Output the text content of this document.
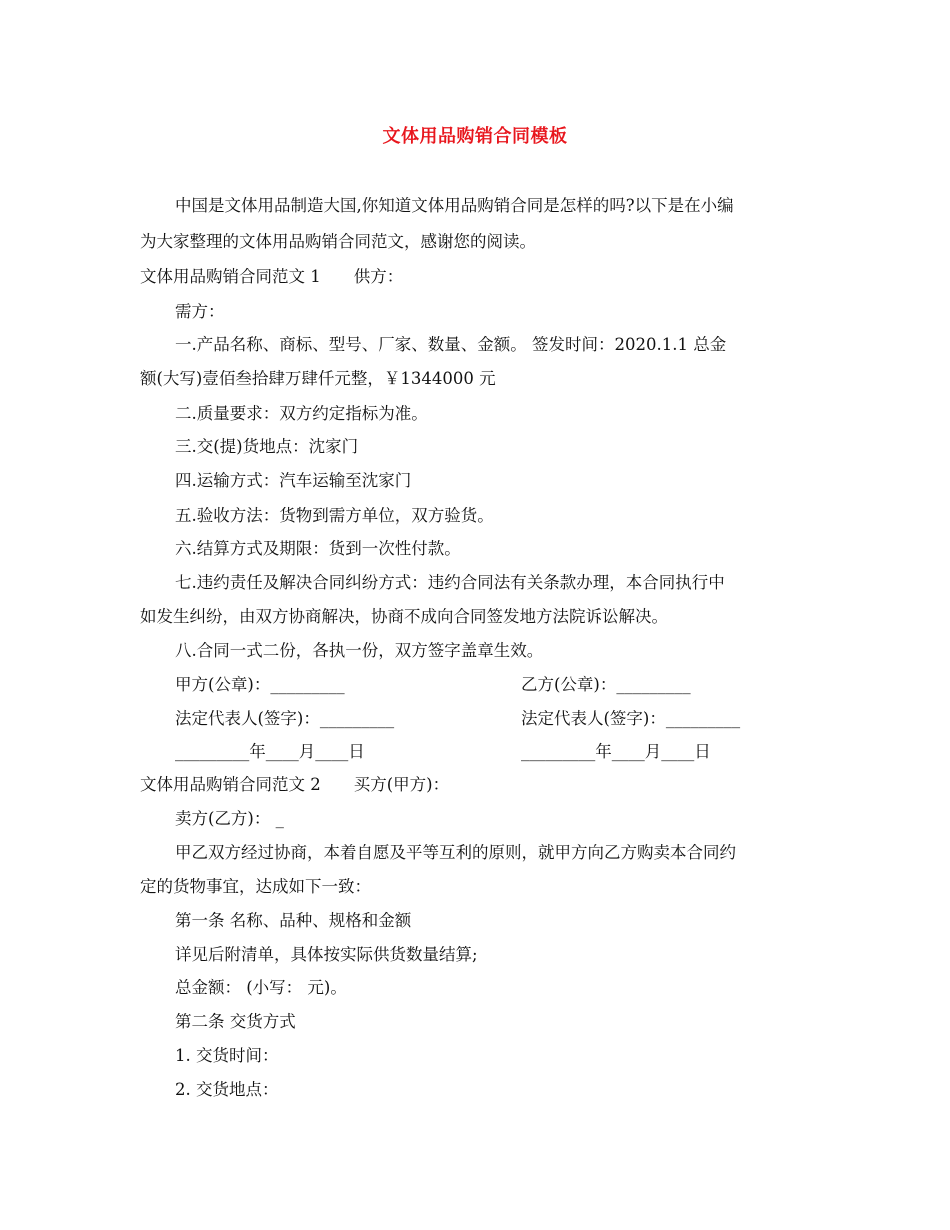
文体用品购销合同模板
中国是文体用品制造大国,你知道文体用品购销合同是怎样的吗?以下是在小编
为大家整理的文体用品购销合同范文，感谢您的阅读。
文体用品购销合同范文 1　　供方：
需方：
一.产品名称、商标、型号、厂家、数量、金额。 签发时间：2020.1.1 总金
额(大写)壹佰叁拾肆万肆仟元整，￥1344000 元
二.质量要求：双方约定指标为准。
三.交(提)货地点：沈家门
四.运输方式：汽车运输至沈家门
五.验收方法：货物到需方单位，双方验货。
六.结算方式及期限：货到一次性付款。
七.违约责任及解决合同纠纷方式：违约合同法有关条款办理，本合同执行中
如发生纠纷，由双方协商解决，协商不成向合同签发地方法院诉讼解决。
八.合同一式二份，各执一份，双方签字盖章生效。
甲方(公章)：_________	乙方(公章)：_________
法定代表人(签字)：_________	法定代表人(签字)：_________
_________年____月____日	_________年____月____日
文体用品购销合同范文 2　　买方(甲方)：
卖方(乙方)： _
甲乙双方经过协商，本着自愿及平等互利的原则，就甲方向乙方购卖本合同约
定的货物事宜，达成如下一致：
第一条 名称、品种、规格和金额
详见后附清单，具体按实际供货数量结算;
总金额： (小写： 元)。
第二条 交货方式
1. 交货时间：
2. 交货地点：
